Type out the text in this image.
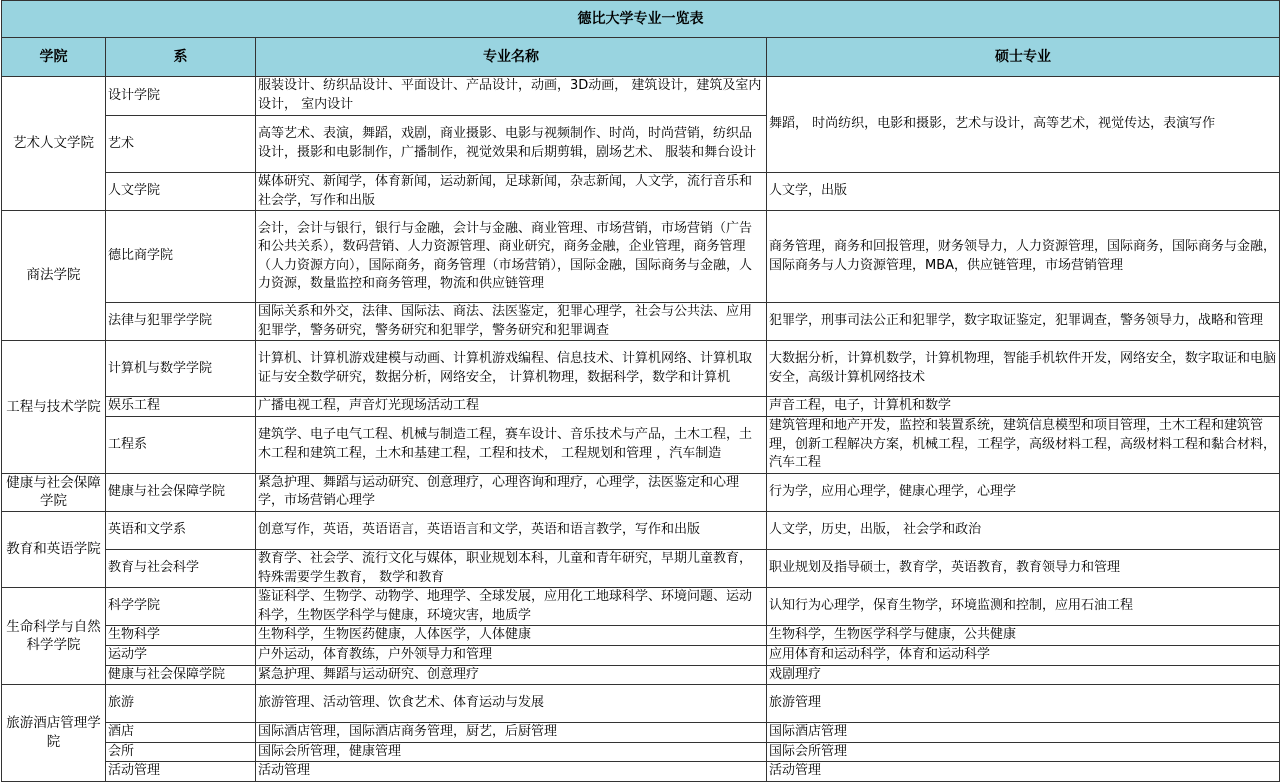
德比大学专业一览表			
学院	系	专业名称	硕士专业
艺术人文学院	设计学院	服装设计、纺织品设计、平面设计、产品设计，动画，3D动画， 建筑设计，建筑及室内设计， 室内设计	舞蹈， 时尚纺织，电影和摄影，艺术与设计，高等艺术，视觉传达，表演写作
	艺术	高等艺术、表演，舞蹈，戏剧，商业摄影、电影与视频制作、时尚，时尚营销，纺织品设计，摄影和电影制作，广播制作，视觉效果和后期剪辑，剧场艺术、 服装和舞台设计	
	人文学院	媒体研究、新闻学，体育新闻，运动新闻，足球新闻，杂志新闻，人文学，流行音乐和社会学，写作和出版	人文学，出版
商法学院	德比商学院	会计，会计与银行，银行与金融，会计与金融、商业管理、市场营销，市场营销（广告和公共关系），数码营销、人力资源管理、商业研究，商务金融，企业管理，商务管理（人力资源方向），国际商务，商务管理（市场营销），国际金融，国际商务与金融，人力资源，数量监控和商务管理，物流和供应链管理	商务管理，商务和回报管理，财务领导力，人力资源管理，国际商务，国际商务与金融，国际商务与人力资源管理，MBA，供应链管理，市场营销管理
	法律与犯罪学学院	国际关系和外交，法律、国际法、商法、法医鉴定，犯罪心理学，社会与公共法、应用犯罪学，警务研究，警务研究和犯罪学，警务研究和犯罪调查	犯罪学，刑事司法公正和犯罪学，数字取证鉴定，犯罪调查，警务领导力，战略和管理
工程与技术学院	计算机与数学学院	计算机、计算机游戏建模与动画、计算机游戏编程、信息技术、计算机网络、计算机取证与安全数学研究，数据分析，网络安全， 计算机物理，数据科学，数学和计算机	大数据分析，计算机数学，计算机物理，智能手机软件开发，网络安全，数字取证和电脑安全，高级计算机网络技术
	娱乐工程	广播电视工程，声音灯光现场活动工程	声音工程，电子，计算机和数学
	工程系	建筑学、电子电气工程、机械与制造工程，赛车设计、音乐技术与产品，土木工程，土木工程和建筑工程，土木和基建工程，工程和技术， 工程规划和管理 ，汽车制造	建筑管理和地产开发，监控和装置系统，建筑信息模型和项目管理，土木工程和建筑管理，创新工程解决方案，机械工程，工程学，高级材料工程，高级材料工程和黏合材料，汽车工程
健康与社会保障学院	健康与社会保障学院	紧急护理、舞蹈与运动研究、创意理疗，心理咨询和理疗，心理学，法医鉴定和心理学，市场营销心理学	行为学，应用心理学，健康心理学，心理学
教育和英语学院	英语和文学系	创意写作，英语，英语语言，英语语言和文学，英语和语言教学，写作和出版	人文学，历史，出版， 社会学和政治
	教育与社会科学	教育学、社会学、流行文化与媒体，职业规划本科，儿童和青年研究，早期儿童教育，特殊需要学生教育， 数学和教育	职业规划及指导硕士，教育学，英语教育，教育领导力和管理
生命科学与自然科学学院	科学学院	鉴证科学、生物学、动物学、地理学、全球发展，应用化工地球科学、环境问题、运动科学，生物医学科学与健康，环境灾害，地质学	认知行为心理学，保育生物学，环境监测和控制，应用石油工程
	生物科学	生物科学，生物医药健康，人体医学，人体健康	生物科学，生物医学科学与健康，公共健康
	运动学	户外运动，体育教练，户外领导力和管理	应用体育和运动科学，体育和运动科学
	健康与社会保障学院	紧急护理、舞蹈与运动研究、创意理疗	戏剧理疗
旅游酒店管理学院	旅游	旅游管理、活动管理、饮食艺术、体育运动与发展	旅游管理
	酒店	国际酒店管理，国际酒店商务管理，厨艺，后厨管理	国际酒店管理
	会所	国际会所管理，健康管理	国际会所管理
	活动管理	活动管理	活动管理
